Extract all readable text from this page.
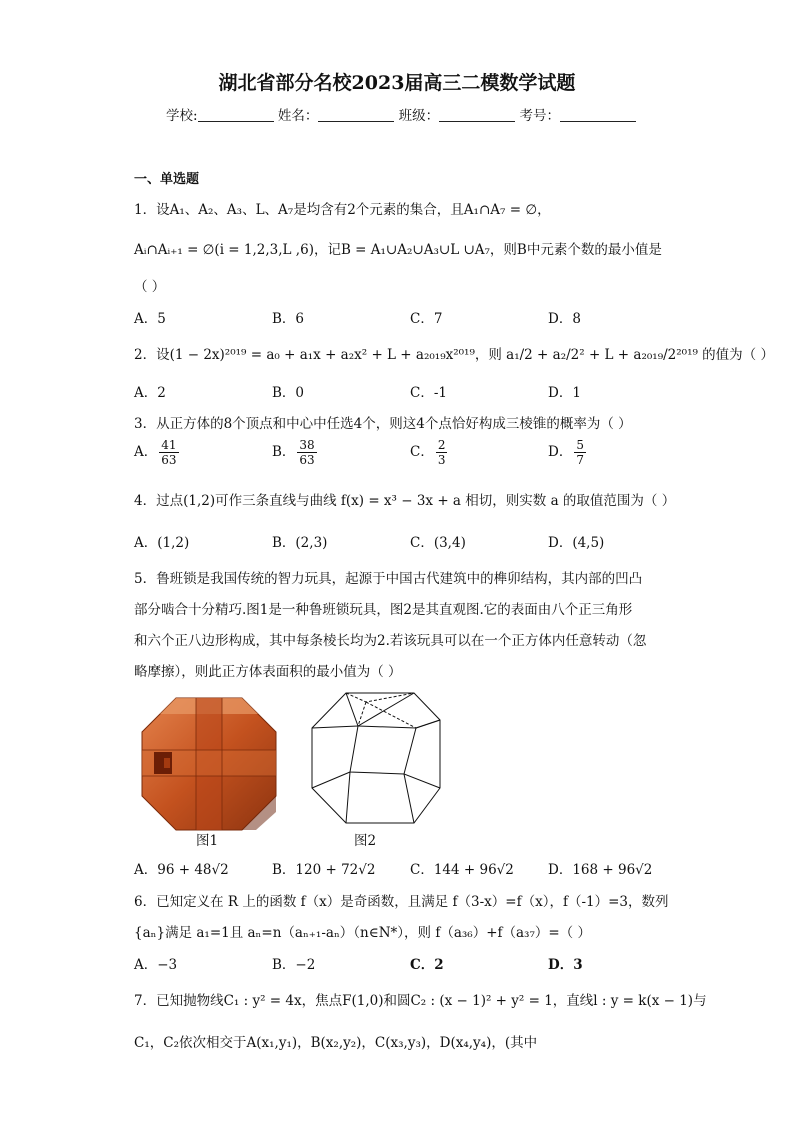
湖北省部分名校2023届高三二模数学试题
学校:	姓名：	班级：	考号：
一、单选题
1．设A₁、A₂、A₃、L、A₇是均含有2个元素的集合，且A₁∩A₇ = ∅，
Aᵢ∩Aᵢ₊₁ = ∅(i = 1,2,3,L ,6)，记B = A₁∪A₂∪A₃∪L ∪A₇，则B中元素个数的最小值是
（ ）
A．5	B．6	C．7	D．8
2．设(1 − 2x)²⁰¹⁹ = a₀ + a₁x + a₂x² + L + a₂₀₁₉x²⁰¹⁹，则 a₁/2 + a₂/2² + L + a₂₀₁₉/2²⁰¹⁹ 的值为（ ）
A．2	B．0	C．-1	D．1
3．从正方体的8个顶点和中心中任选4个，则这4个点恰好构成三棱锥的概率为（ ）
A． $\frac{41}{63}$	B． $\frac{38}{63}$	C． $\frac{2}{3}$	D． $\frac{5}{7}$
4．过点(1,2)可作三条直线与曲线 f(x) = x³ − 3x + a 相切，则实数 a 的取值范围为（ ）
A．(1,2)	B．(2,3)	C．(3,4)	D．(4,5)
5．鲁班锁是我国传统的智力玩具，起源于中国古代建筑中的榫卯结构，其内部的凹凸
部分啮合十分精巧.图1是一种鲁班锁玩具，图2是其直观图.它的表面由八个正三角形
和六个正八边形构成，其中每条棱长均为2.若该玩具可以在一个正方体内任意转动（忽
略摩擦），则此正方体表面积的最小值为（ ）
图1	图2
A．96 + 48√2	B．120 + 72√2	C．144 + 96√2	D．168 + 96√2
6．已知定义在 R 上的函数 f（x）是奇函数，且满足 f（3-x）=f（x），f（-1）=3，数列
{aₙ}满足 a₁=1且 aₙ=n（aₙ₊₁-aₙ）（n∈N*），则 f（a₃₆）+f（a₃₇）=（ ）
A．−3	B．−2	C．2	D．3
7．已知抛物线C₁ : y² = 4x，焦点F(1,0)和圆C₂ : (x − 1)² + y² = 1，直线l : y = k(x − 1)与
C₁，C₂依次相交于A(x₁,y₁)，B(x₂,y₂)，C(x₃,y₃)，D(x₄,y₄)，(其中
